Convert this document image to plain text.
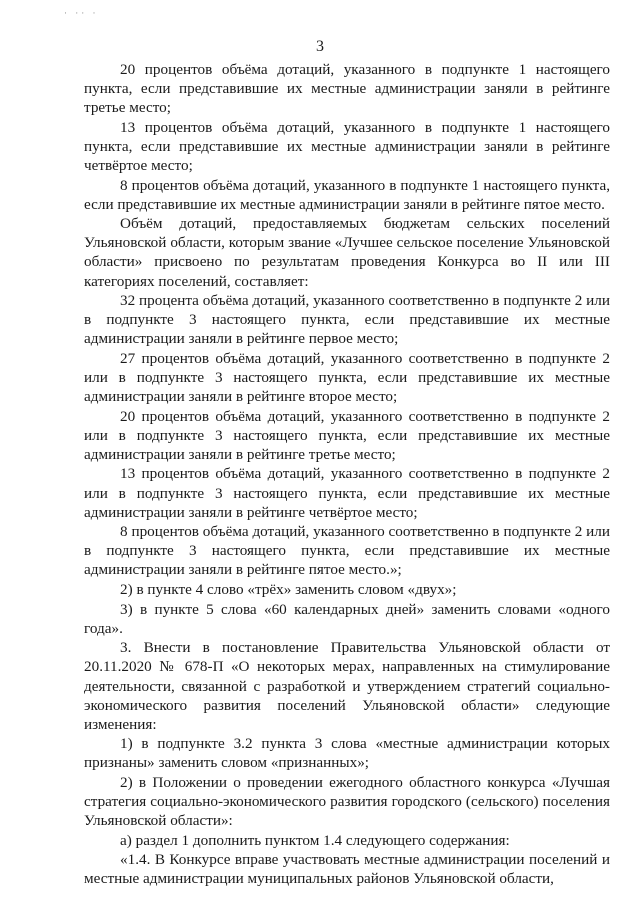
· ·· ·
3

20 процентов объёма дотаций, указанного в подпункте 1 настоящего пункта, если представившие их местные администрации заняли в рейтинге третье место;

13 процентов объёма дотаций, указанного в подпункте 1 настоящего пункта, если представившие их местные администрации заняли в рейтинге четвёртое место;

8 процентов объёма дотаций, указанного в подпункте 1 настоящего пункта, если представившие их местные администрации заняли в рейтинге пятое место.

Объём дотаций, предоставляемых бюджетам сельских поселений Ульяновской области, которым звание «Лучшее сельское поселение Ульяновской области» присвоено по результатам проведения Конкурса во II или III категориях поселений, составляет:

32 процента объёма дотаций, указанного соответственно в подпункте 2 или в подпункте 3 настоящего пункта, если представившие их местные администрации заняли в рейтинге первое место;

27 процентов объёма дотаций, указанного соответственно в подпункте 2 или в подпункте 3 настоящего пункта, если представившие их местные администрации заняли в рейтинге второе место;

20 процентов объёма дотаций, указанного соответственно в подпункте 2 или в подпункте 3 настоящего пункта, если представившие их местные администрации заняли в рейтинге третье место;

13 процентов объёма дотаций, указанного соответственно в подпункте 2 или в подпункте 3 настоящего пункта, если представившие их местные администрации заняли в рейтинге четвёртое место;

8 процентов объёма дотаций, указанного соответственно в подпункте 2 или в подпункте 3 настоящего пункта, если представившие их местные администрации заняли в рейтинге пятое место.»;

2) в пункте 4 слово «трёх» заменить словом «двух»;

3) в пункте 5 слова «60 календарных дней» заменить словами «одного года».

3. Внести в постановление Правительства Ульяновской области от 20.11.2020 № 678-П «О некоторых мерах, направленных на стимулирование деятельности, связанной с разработкой и утверждением стратегий социально-экономического развития поселений Ульяновской области» следующие изменения:

1) в подпункте 3.2 пункта 3 слова «местные администрации которых признаны» заменить словом «признанных»;

2) в Положении о проведении ежегодного областного конкурса «Лучшая стратегия социально-экономического развития городского (сельского) поселения Ульяновской области»:

а) раздел 1 дополнить пунктом 1.4 следующего содержания:

«1.4. В Конкурсе вправе участвовать местные администрации поселений и местные администрации муниципальных районов Ульяновской области,
